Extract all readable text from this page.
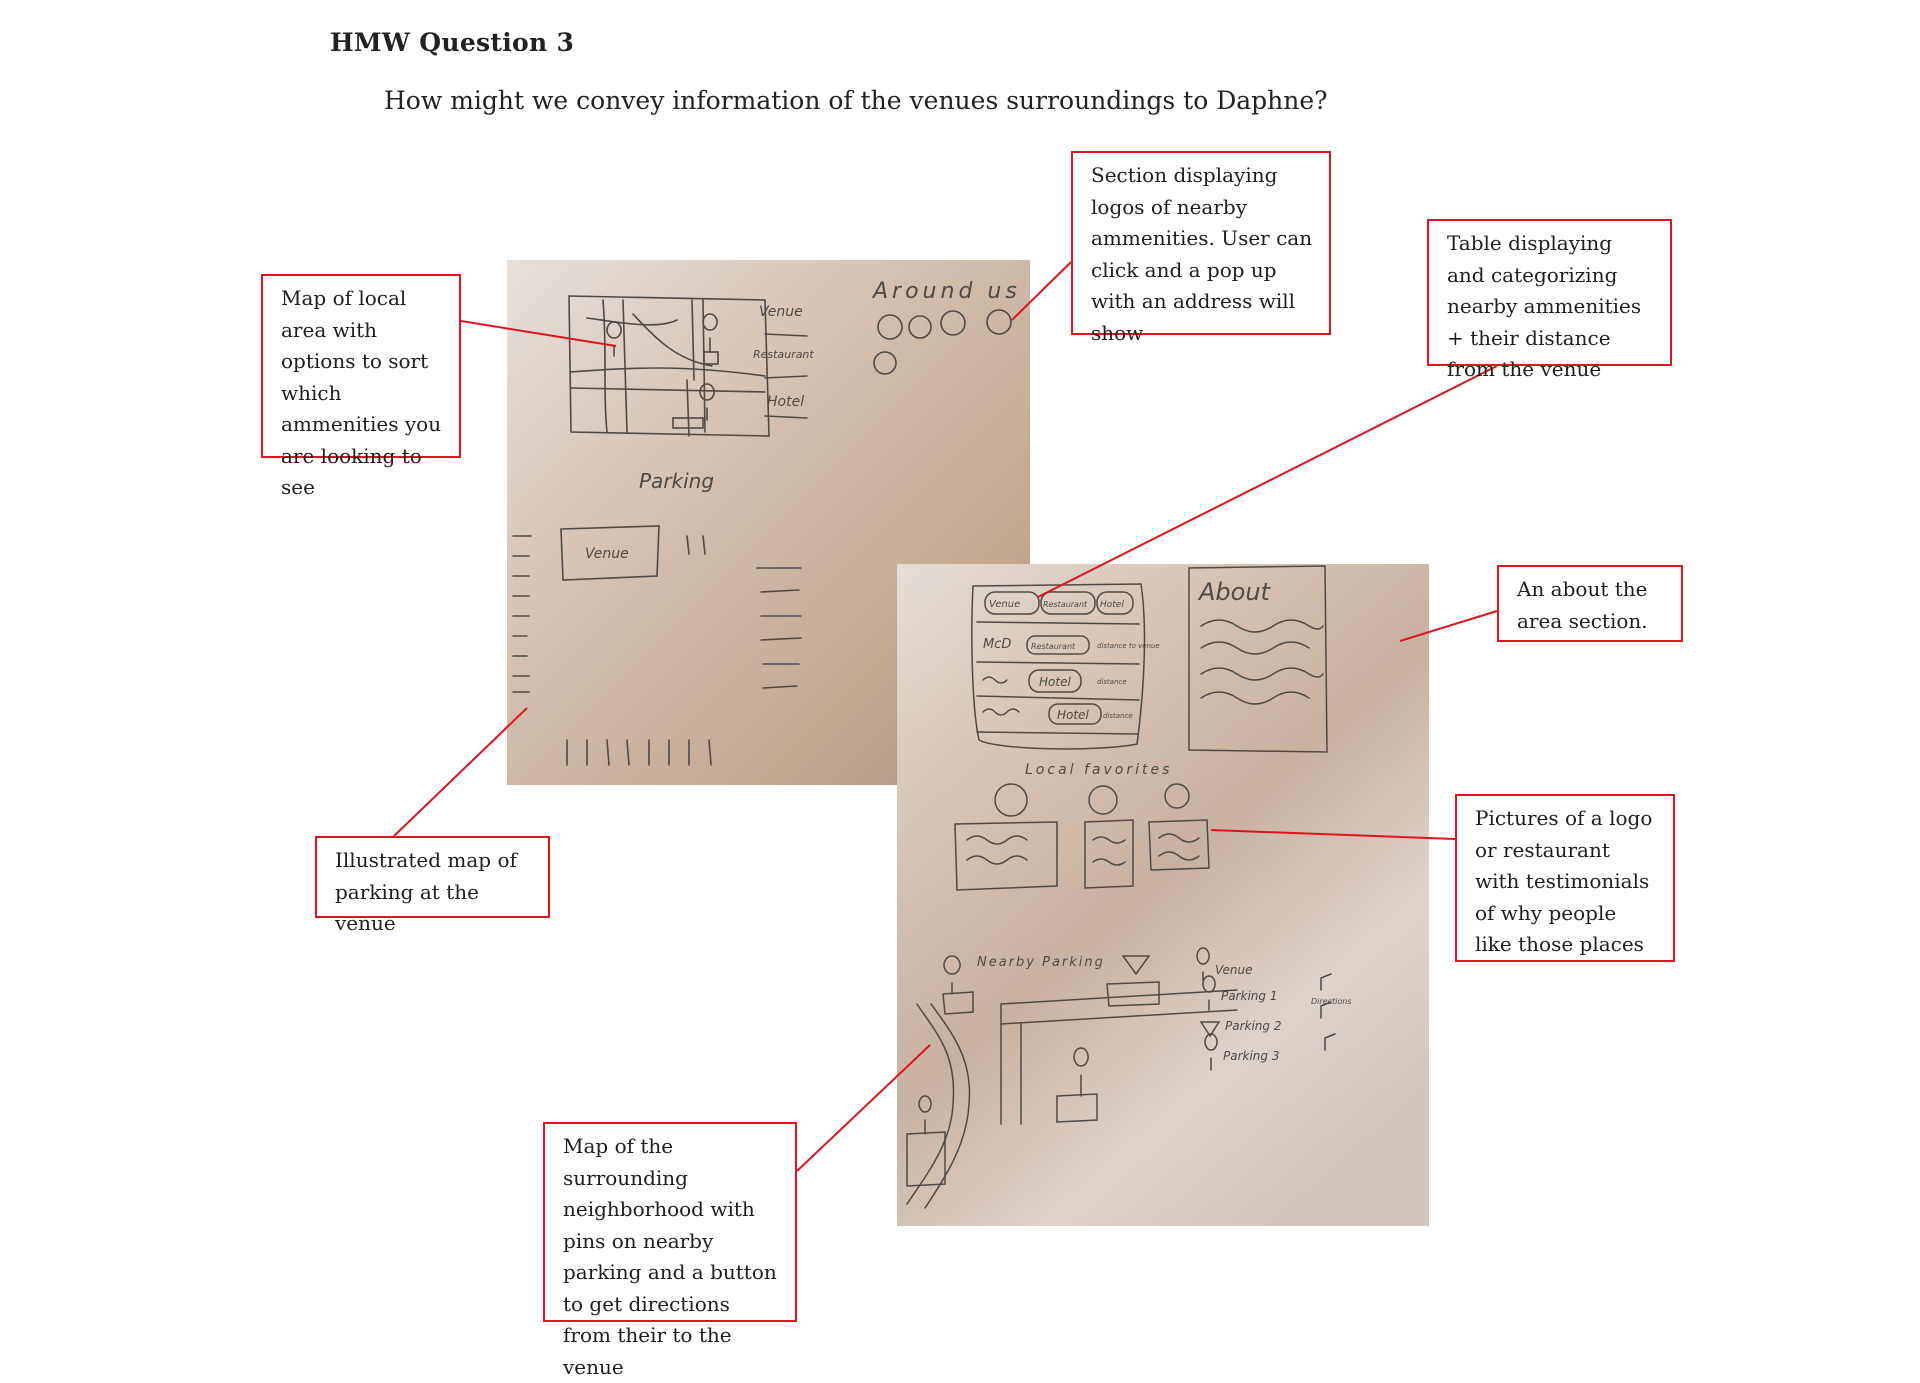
HMW Question 3
How might we convey information of the venues surroundings to Daphne?
Venue
Restaurant
Hotel
Around us
Parking
Venue
Venue	Restaurant Hotel
McD Restaurant	distance to venue
Hotel	distance
Hotel distance
About
Local favorites
Nearby Parking	Venue
Parking 1
Parking 2
Parking 3
Directions
Map of local area with options to sort which ammenities you are looking to see
Section displaying logos of nearby ammenities. User can click and a pop up with an address will show
Table displaying and categorizing nearby ammenities + their distance from the venue
An about the area section.
Illustrated map of parking at the venue
Pictures of a logo or restaurant with testimonials of why people like those places
Map of the surrounding neighborhood with pins on nearby parking and a button to get directions from their to the venue
